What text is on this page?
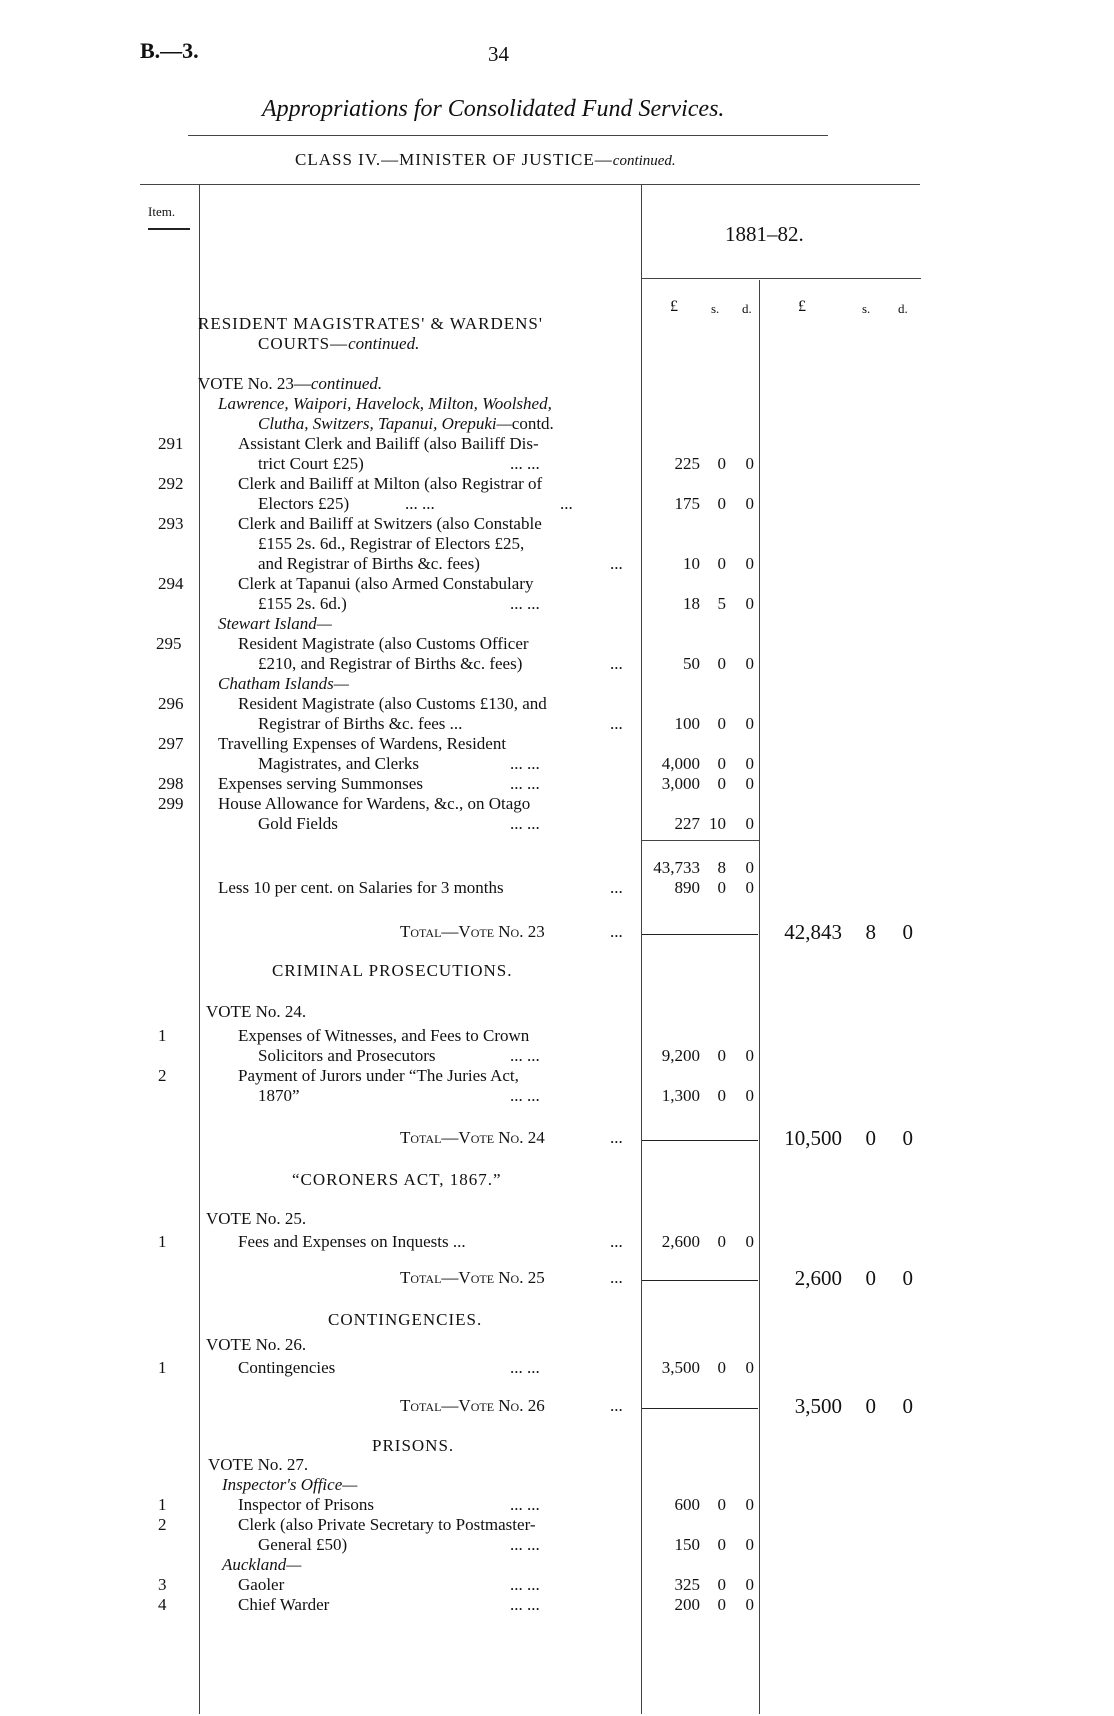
B.—3.	34
Appropriations for Consolidated Fund Services.
CLASS IV.—MINISTER OF JUSTICE—continued.
Item.
1881–82.
£	s. d.	£	s. d.
RESIDENT MAGISTRATES' & WARDENS'
COURTS—continued.
VOTE No. 23—continued.
Lawrence, Waipori, Havelock, Milton, Woolshed,
Clutha, Switzers, Tapanui, Orepuki—contd.
291	Assistant Clerk and Bailiff (also Bailiff Dis-
trict Court £25)	... ...	225	0	0
292	Clerk and Bailiff at Milton (also Registrar of
Electors £25)	... ...	...	175	0	0
293	Clerk and Bailiff at Switzers (also Constable
£155 2s. 6d., Registrar of Electors £25,
and Registrar of Births &c. fees)	...	10	0	0
294	Clerk at Tapanui (also Armed Constabulary
£155 2s. 6d.)	... ...	18	5	0
Stewart Island—
295	Resident Magistrate (also Customs Officer
£210, and Registrar of Births &c. fees)	...	50	0	0
Chatham Islands—
296	Resident Magistrate (also Customs £130, and
Registrar of Births &c. fees ...	...	100	0	0
297 Travelling Expenses of Wardens, Resident
Magistrates, and Clerks	... ...	4,000	0	0
298 Expenses serving Summonses	... ...	3,000	0	0
299 House Allowance for Wardens, &c., on Otago
Gold Fields	... ...	227 10	0
43,733	8	0
Less 10 per cent. on Salaries for 3 months	...	890	0	0
Total—Vote No. 23	...	42,843	8	0
CRIMINAL PROSECUTIONS.
VOTE No. 24.
1	Expenses of Witnesses, and Fees to Crown
Solicitors and Prosecutors	... ...	9,200	0	0
2	Payment of Jurors under “The Juries Act,
1870”	... ...	1,300	0	0
Total—Vote No. 24	...	10,500	0	0
“CORONERS ACT, 1867.”
VOTE No. 25.
1	Fees and Expenses on Inquests ...	...	2,600	0	0
Total—Vote No. 25	...	2,600	0	0
CONTINGENCIES.
VOTE No. 26.
1	Contingencies	... ...	3,500	0	0
Total—Vote No. 26	...	3,500	0	0
PRISONS.
VOTE No. 27.
Inspector's Office—
1	Inspector of Prisons	... ...	600	0	0
2	Clerk (also Private Secretary to Postmaster-
General £50)	... ...	150	0	0
Auckland—
3	Gaoler	... ...	325	0	0
4	Chief Warder	... ...	200	0	0
